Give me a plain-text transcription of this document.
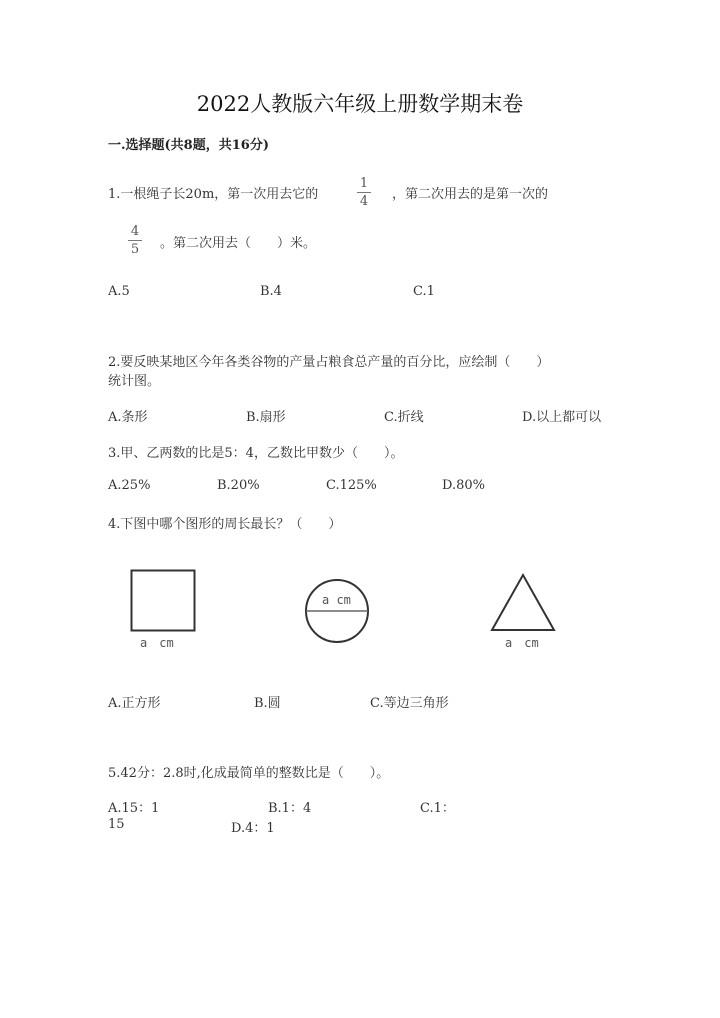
2022人教版六年级上册数学期末卷
一.选择题(共8题，共16分)
1.一根绳子长20m，第一次用去它的
1
4 ，第二次用去的是第一次的
4
5 。第二次用去（　　）米。
A.5	B.4	C.1
2.要反映某地区今年各类谷物的产量占粮食总产量的百分比，应绘制（　　）
统计图。
A.条形	B.扇形	C.折线	D.以上都可以
3.甲、乙两数的比是5：4，乙数比甲数少（　　）。
A.25%	B.20%	C.125%	D.80%
4.下图中哪个图形的周长最长？（　　）
a　cm
a cm
a　cm
A.正方形	B.圆	C.等边三角形
5.42分：2.8时,化成最简单的整数比是（　　）。
A.15：1	B.1：4	C.1：
15	D.4：1
